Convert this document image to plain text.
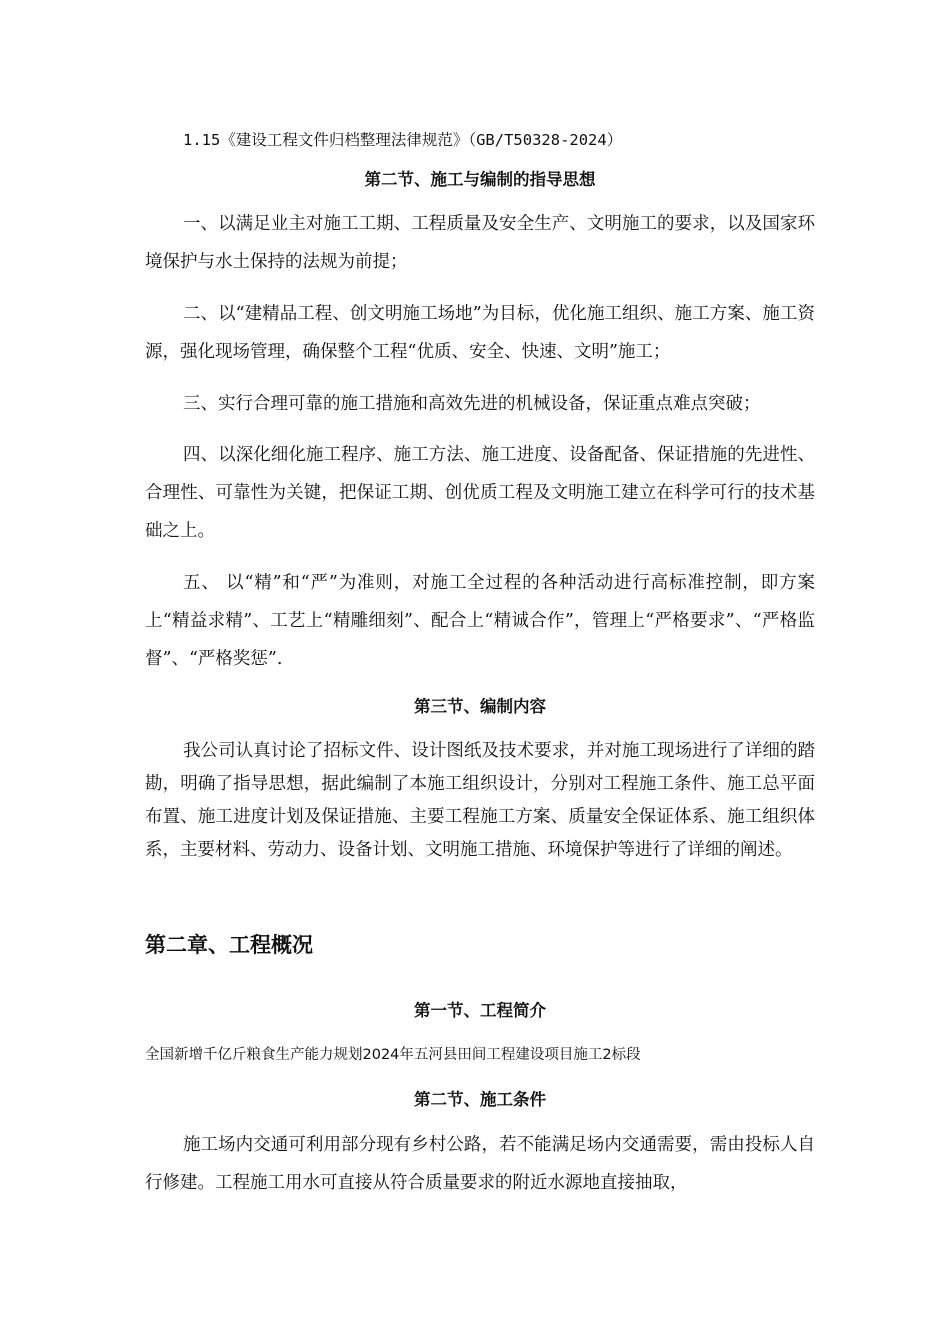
1.15《建设工程文件归档整理法律规范》（GB/T50328-2024）

第二节、施工与编制的指导思想

一、以满足业主对施工工期、工程质量及安全生产、文明施工的要求，以及国家环境保护与水土保持的法规为前提；

二、以“建精品工程、创文明施工场地”为目标，优化施工组织、施工方案、施工资源，强化现场管理，确保整个工程“优质、安全、快速、文明”施工；

三、实行合理可靠的施工措施和高效先进的机械设备，保证重点难点突破；

四、以深化细化施工程序、施工方法、施工进度、设备配备、保证措施的先进性、合理性、可靠性为关键，把保证工期、创优质工程及文明施工建立在科学可行的技术基础之上。

五、 以“精”和“严”为准则，对施工全过程的各种活动进行高标准控制，即方案上“精益求精”、工艺上“精雕细刻”、配合上“精诚合作”，管理上“严格要求”、“严格监督”、“严格奖惩”.

第三节、编制内容

我公司认真讨论了招标文件、设计图纸及技术要求，并对施工现场进行了详细的踏勘，明确了指导思想，据此编制了本施工组织设计，分别对工程施工条件、施工总平面布置、施工进度计划及保证措施、主要工程施工方案、质量安全保证体系、施工组织体系，主要材料、劳动力、设备计划、文明施工措施、环境保护等进行了详细的阐述。

第二章、工程概况

第一节、工程简介

全国新增千亿斤粮食生产能力规划2024年五河县田间工程建设项目施工2标段

第二节、施工条件

施工场内交通可利用部分现有乡村公路，若不能满足场内交通需要，需由投标人自行修建。工程施工用水可直接从符合质量要求的附近水源地直接抽取，
